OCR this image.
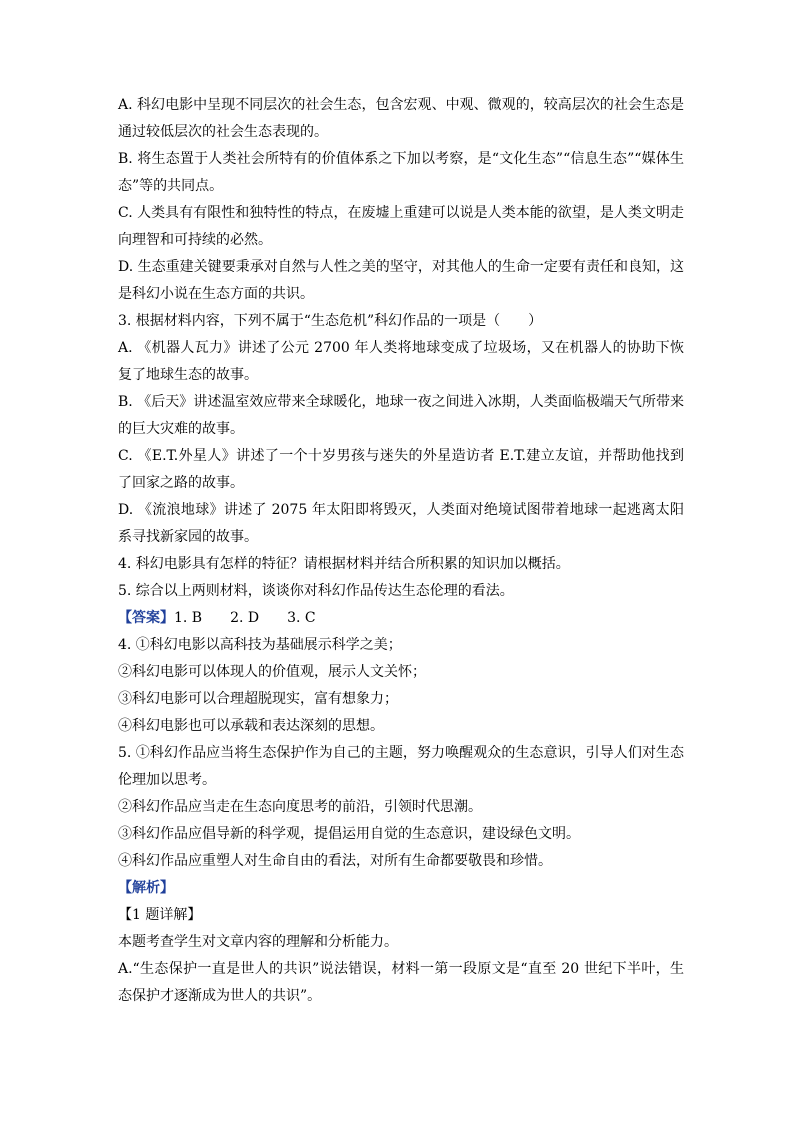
A. 科幻电影中呈现不同层次的社会生态，包含宏观、中观、微观的，较高层次的社会生态是通过较低层次的社会生态表现的。

B. 将生态置于人类社会所特有的价值体系之下加以考察，是“文化生态”“信息生态”“媒体生态”等的共同点。

C. 人类具有有限性和独特性的特点，在废墟上重建可以说是人类本能的欲望，是人类文明走向理智和可持续的必然。

D. 生态重建关键要秉承对自然与人性之美的坚守，对其他人的生命一定要有责任和良知，这是科幻小说在生态方面的共识。

3. 根据材料内容，下列不属于“生态危机”科幻作品的一项是（　　）

A. 《机器人瓦力》讲述了公元 2700 年人类将地球变成了垃圾场，又在机器人的协助下恢复了地球生态的故事。

B. 《后天》讲述温室效应带来全球暖化，地球一夜之间进入冰期，人类面临极端天气所带来的巨大灾难的故事。

C. 《E.T.外星人》讲述了一个十岁男孩与迷失的外星造访者 E.T.建立友谊，并帮助他找到了回家之路的故事。

D. 《流浪地球》讲述了 2075 年太阳即将毁灭，人类面对绝境试图带着地球一起逃离太阳系寻找新家园的故事。

4. 科幻电影具有怎样的特征？请根据材料并结合所积累的知识加以概括。

5. 综合以上两则材料，谈谈你对科幻作品传达生态伦理的看法。

【答案】1. B　　2. D　　3. C

4. ①科幻电影以高科技为基础展示科学之美；

②科幻电影可以体现人的价值观，展示人文关怀；

③科幻电影可以合理超脱现实，富有想象力；

④科幻电影也可以承载和表达深刻的思想。

5. ①科幻作品应当将生态保护作为自己的主题，努力唤醒观众的生态意识，引导人们对生态伦理加以思考。

②科幻作品应当走在生态向度思考的前沿，引领时代思潮。

③科幻作品应倡导新的科学观，提倡运用自觉的生态意识，建设绿色文明。

④科幻作品应重塑人对生命自由的看法，对所有生命都要敬畏和珍惜。

【解析】

【1 题详解】

本题考查学生对文章内容的理解和分析能力。

A.“生态保护一直是世人的共识”说法错误，材料一第一段原文是“直至 20 世纪下半叶，生态保护才逐渐成为世人的共识”。
